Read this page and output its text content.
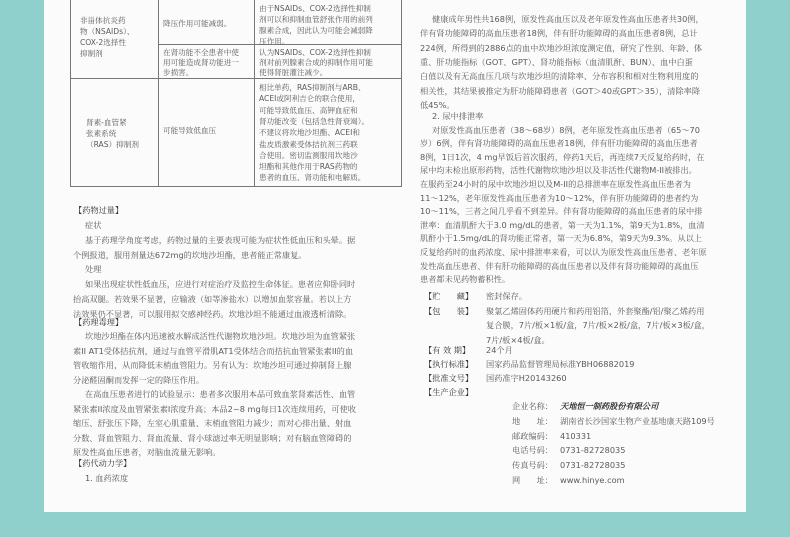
非甾体抗炎药
物（NSAIDs）、
COX-2选择性
抑制剂
降压作用可能减弱。
由于NSAIDs、COX-2选择性抑制
剂可以和抑制血管舒张作用的前列
腺素合成，因此认为可能会减弱降
压作用。
在肾功能不全患者中使
用可能造成肾功能进一
步损害。
认为NSAIDs、COX-2选择性抑制
剂对前列腺素合成的抑制作用可能
使得肾脏灌注减少。
肾素-血管紧
张素系统
（RAS）抑制剂
可能导致低血压
相比单药，RAS抑制剂与ARB、
ACEI或阿利吉仑的联合使用，
可能导致低血压、高钾血症和
肾功能改变（包括急性肾衰竭）。
不建议将坎地沙坦酯、ACEI和
盐皮质激素受体拮抗剂三药联
合使用。密切监测服用坎地沙
坦酯和其他作用于RAS药物的
患者的血压、肾功能和电解质。
【药物过量】
症状
基于药理学角度考虑，药物过量的主要表现可能为症状性低血压和头晕。据
个例报道，服用剂量达672mg的坎地沙坦酯，患者能正常康复。
处理
如果出现症状性低血压，应进行对症治疗及监控生命体征。患者应仰卧同时
抬高双腿。若效果不显著，应输液（如等渗盐水）以增加血浆容量。若以上方
法效果仍不显著，可以服用拟交感神经药。坎地沙坦不能通过血液透析清除。
【药理毒理】
坎地沙坦酯在体内迅速被水解成活性代谢物坎地沙坦。坎地沙坦为血管紧张
素II AT1受体拮抗剂，通过与血管平滑肌AT1受体结合而拮抗血管紧张素II的血
管收缩作用，从而降低末梢血管阻力。另有认为：坎地沙坦可通过抑制肾上腺
分泌醛固酮而发挥一定的降压作用。
在高血压患者进行的试验显示：患者多次服用本品可致血浆肾素活性、血管
紧张素II浓度及血管紧张素I浓度升高；本品2~8 mg每日1次连续用药，可使收
缩压、舒张压下降，左室心肌重量、末梢血管阻力减少；而对心排出量、射血
分数、肾血管阻力、肾血流量、肾小球滤过率无明显影响；对有脑血管障碍的
原发性高血压患者，对脑血流量无影响。
【药代动力学】
1. 血药浓度
健康成年男性共168例，原发性高血压以及老年原发性高血压患者共30例，
伴有肾功能障碍的高血压患者18例，伴有肝功能障碍的高血压患者8例，总计
224例，所得到的2886点的血中坎地沙坦浓度测定值，研究了性别、年龄、体
重、肝功能指标（GOT、GPT）、肾功能指标（血清肌酐、BUN）、血中白蛋
白值以及有无高血压几项与坎地沙坦的清除率、分布容积和相对生物利用度的
相关性，其结果被推定为肝功能障碍患者（GOT＞40或GPT＞35），清除率降
低45%。
2. 尿中排泄率
对原发性高血压患者（38～68岁）8例，老年原发性高血压患者（65～70
岁）6例，伴有肾功能障碍的高血压患者18例，伴有肝功能障碍的高血压患者
8例，1日1次，4 mg早饭后首次服药，停药1天后，再连续7天反复给药时，在
尿中均未检出原形药物，活性代谢物坎地沙坦以及非活性代谢物M-II被排出。
在服药至24小时的尿中坎地沙坦以及M-II的总排泄率在原发性高血压患者为
11～12%，老年原发性高血压患者为10～12%，伴有肝功能障碍的患者约为
10～11%，三者之间几乎看不到差异。伴有肾功能障碍的高血压患者的尿中排
泄率：血清肌酐大于3.0 mg/dL的患者，第一天为1.1%，第9天为1.8%，血清
肌酐小于1.5mg/dL的肾功能正常者，第一天为6.8%，第9天为9.3%。从以上
反复给药时的血药浓度、尿中排泄率来看，可以认为原发性高血压患者、老年原
发性高血压患者、伴有肝功能障碍的高血压患者以及伴有肾功能障碍的高血压
患者都未见药物蓄积性。
【贮　　藏】 密封保存。
【包　　装】 聚氯乙烯固体药用硬片和药用铝箔，外套聚酯/铝/聚乙烯药用
复合膜，7片/板×1板/盒，7片/板×2板/盒，7片/板×3板/盒，
7片/板×4板/盒。
【有 效 期】 24个月
【执行标准】 国家药品监督管理局标准YBH06882019
【批准文号】 国药准字H20143260
【生产企业】
企业名称： 天地恒一制药股份有限公司
地　　址： 湖南省长沙国家生物产业基地康天路109号
邮政编码： 410331
电话号码： 0731-82728035
传真号码： 0731-82728035
网　　址： www.hinye.com
